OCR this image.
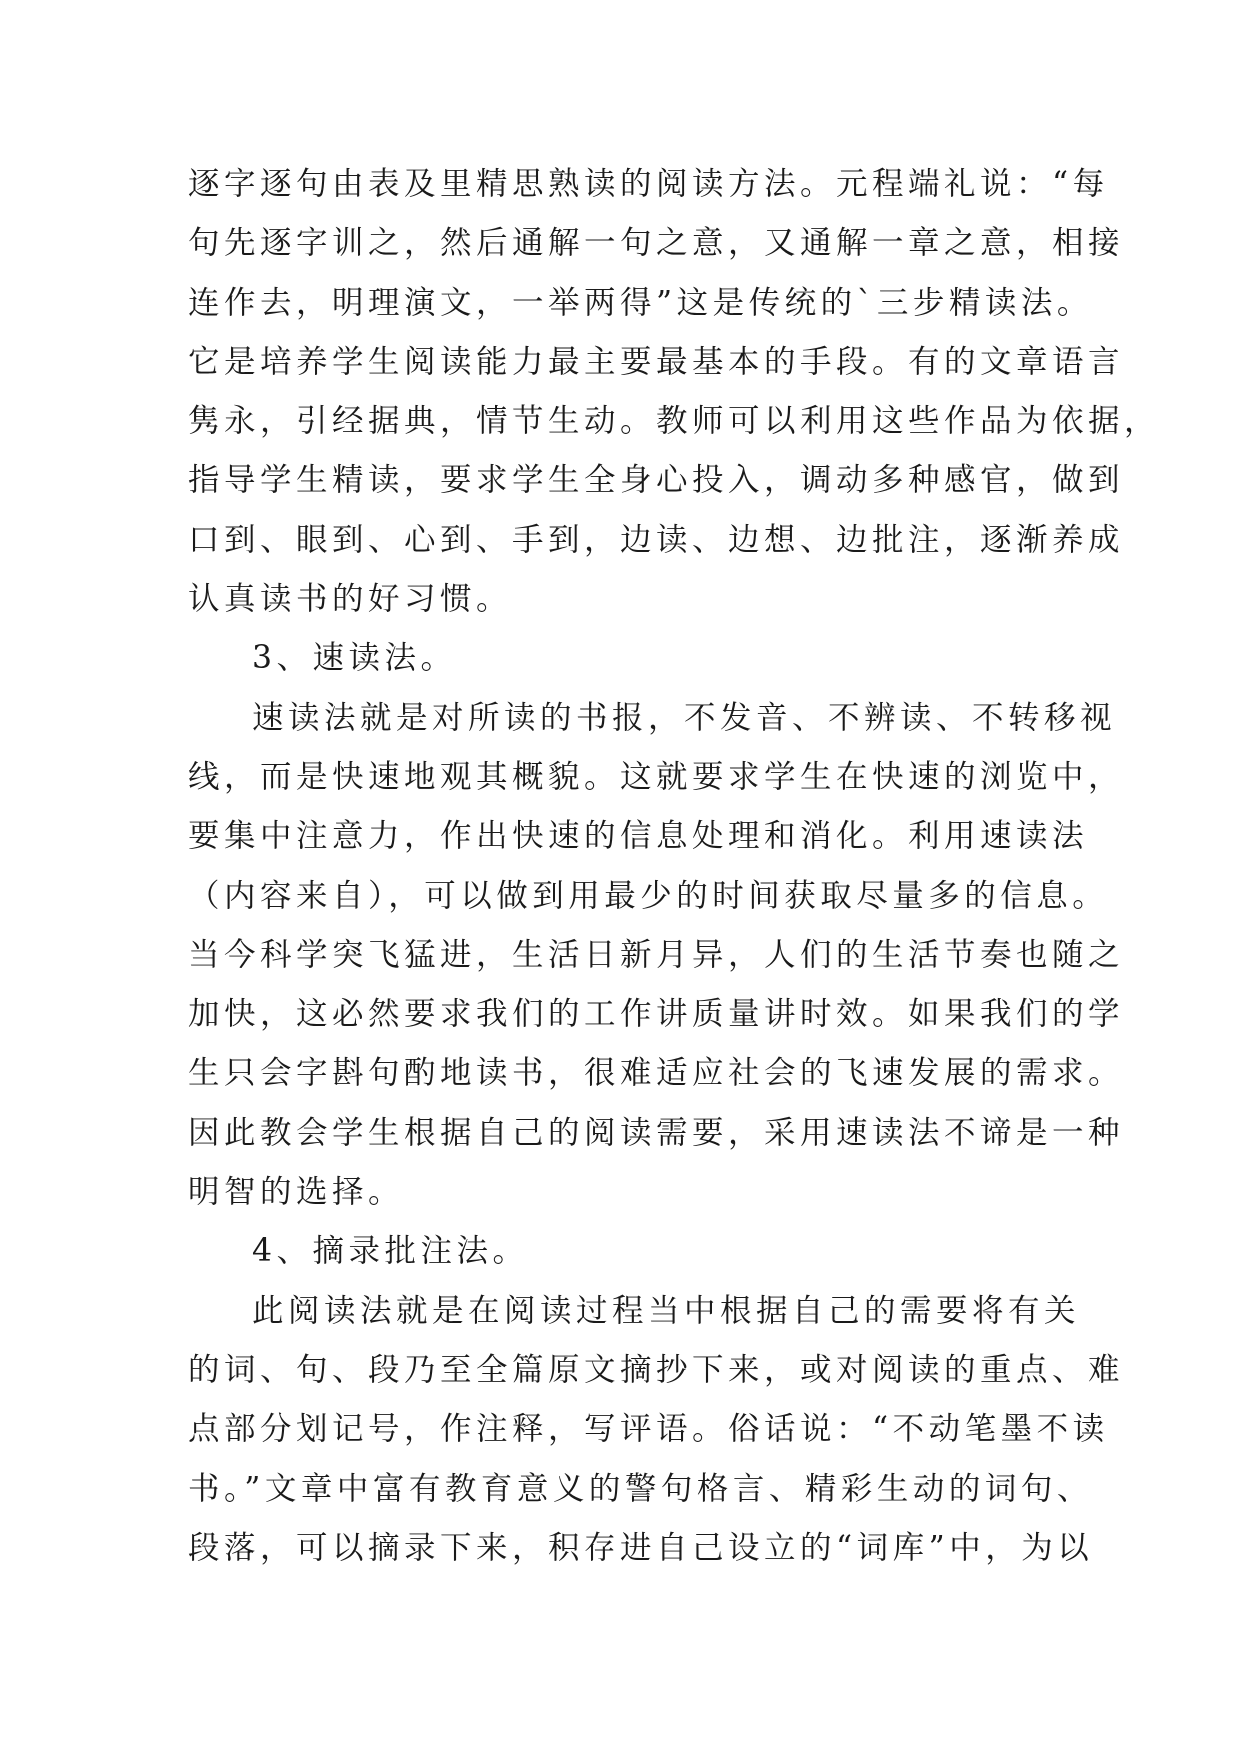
逐字逐句由表及里精思熟读的阅读方法。元程端礼说：“每
句先逐字训之，然后通解一句之意，又通解一章之意，相接
连作去，明理演文，一举两得”这是传统的`三步精读法。
它是培养学生阅读能力最主要最基本的手段。有的文章语言
隽永，引经据典，情节生动。教师可以利用这些作品为依据，
指导学生精读，要求学生全身心投入，调动多种感官，做到
口到、眼到、心到、手到，边读、边想、边批注，逐渐养成
认真读书的好习惯。
3、速读法。
速读法就是对所读的书报，不发音、不辨读、不转移视
线，而是快速地观其概貌。这就要求学生在快速的浏览中，
要集中注意力，作出快速的信息处理和消化。利用速读法
（内容来自），可以做到用最少的时间获取尽量多的信息。
当今科学突飞猛进，生活日新月异，人们的生活节奏也随之
加快，这必然要求我们的工作讲质量讲时效。如果我们的学
生只会字斟句酌地读书，很难适应社会的飞速发展的需求。
因此教会学生根据自己的阅读需要，采用速读法不谛是一种
明智的选择。
4、摘录批注法。
此阅读法就是在阅读过程当中根据自己的需要将有关
的词、句、段乃至全篇原文摘抄下来，或对阅读的重点、难
点部分划记号，作注释，写评语。俗话说：“不动笔墨不读
书。”文章中富有教育意义的警句格言、精彩生动的词句、
段落，可以摘录下来，积存进自己设立的“词库”中，为以
